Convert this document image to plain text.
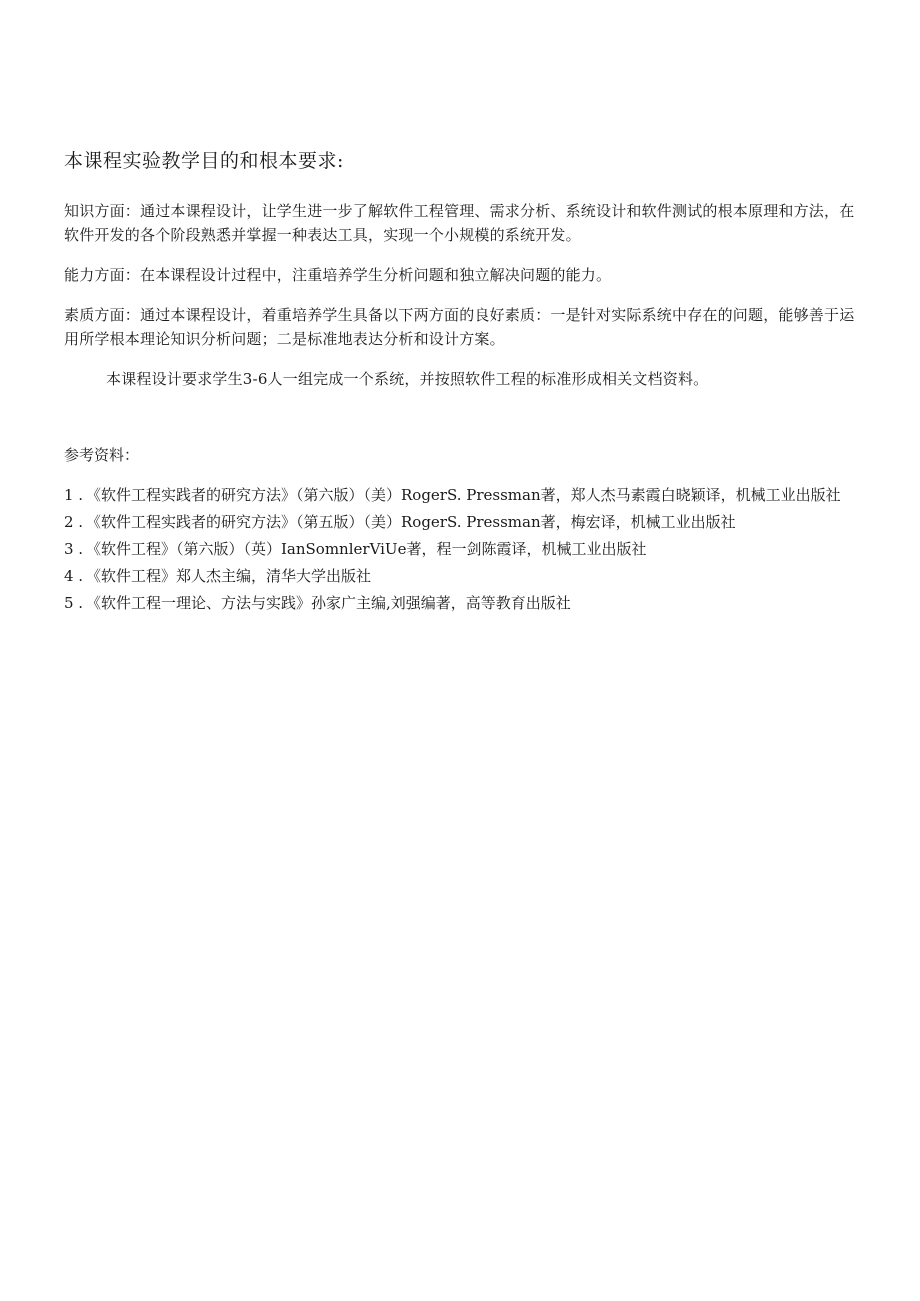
本课程实验教学目的和根本要求:

知识方面：通过本课程设计，让学生进一步了解软件工程管理、需求分析、系统设计和软件测试的根本原理和方法，在软件开发的各个阶段熟悉并掌握一种表达工具，实现一个小规模的系统开发。

能力方面：在本课程设计过程中，注重培养学生分析问题和独立解决问题的能力。

素质方面：通过本课程设计，着重培养学生具备以下两方面的良好素质：一是针对实际系统中存在的问题，能够善于运用所学根本理论知识分析问题；二是标准地表达分析和设计方案。

本课程设计要求学生3-6人一组完成一个系统，并按照软件工程的标准形成相关文档资料。

参考资料：
1 . 《软件工程实践者的研究方法》（第六版）（美）RogerS. Pressman著，郑人杰马素霞白晓颖译，机械工业出版社
2 . 《软件工程实践者的研究方法》（第五版）（美）RogerS. Pressman著，梅宏译，机械工业出版社
3 . 《软件工程》（第六版）（英）IanSomnlerViUe著，程一剑陈霞译，机械工业出版社
4 . 《软件工程》郑人杰主编，清华大学出版社
5 . 《软件工程一理论、方法与实践》孙家广主编,刘强编著，高等教育出版社
